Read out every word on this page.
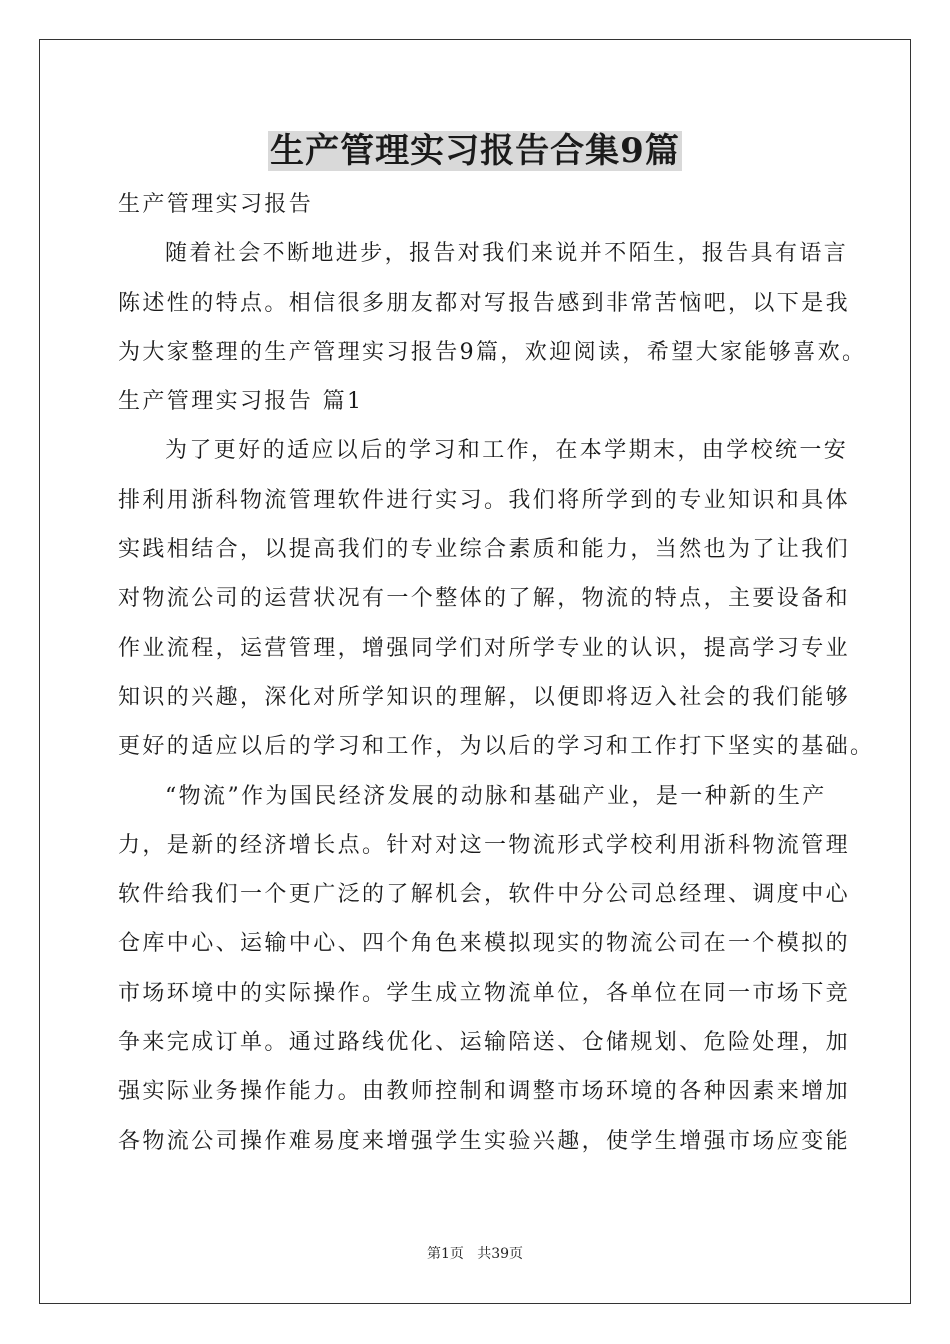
生产管理实习报告合集9篇
生产管理实习报告
随着社会不断地进步，报告对我们来说并不陌生，报告具有语言
陈述性的特点。相信很多朋友都对写报告感到非常苦恼吧，以下是我
为大家整理的生产管理实习报告9篇，欢迎阅读，希望大家能够喜欢。
生产管理实习报告 篇1
为了更好的适应以后的学习和工作，在本学期末，由学校统一安
排利用浙科物流管理软件进行实习。我们将所学到的专业知识和具体
实践相结合，以提高我们的专业综合素质和能力，当然也为了让我们
对物流公司的运营状况有一个整体的了解，物流的特点，主要设备和
作业流程，运营管理，增强同学们对所学专业的认识，提高学习专业
知识的兴趣，深化对所学知识的理解，以便即将迈入社会的我们能够
更好的适应以后的学习和工作，为以后的学习和工作打下坚实的基础。
“物流”作为国民经济发展的动脉和基础产业，是一种新的生产
力，是新的经济增长点。针对对这一物流形式学校利用浙科物流管理
软件给我们一个更广泛的了解机会，软件中分公司总经理、调度中心
仓库中心、运输中心、四个角色来模拟现实的物流公司在一个模拟的
市场环境中的实际操作。学生成立物流单位，各单位在同一市场下竞
争来完成订单。通过路线优化、运输陪送、仓储规划、危险处理，加
强实际业务操作能力。由教师控制和调整市场环境的各种因素来增加
各物流公司操作难易度来增强学生实验兴趣，使学生增强市场应变能
第1页   共39页
